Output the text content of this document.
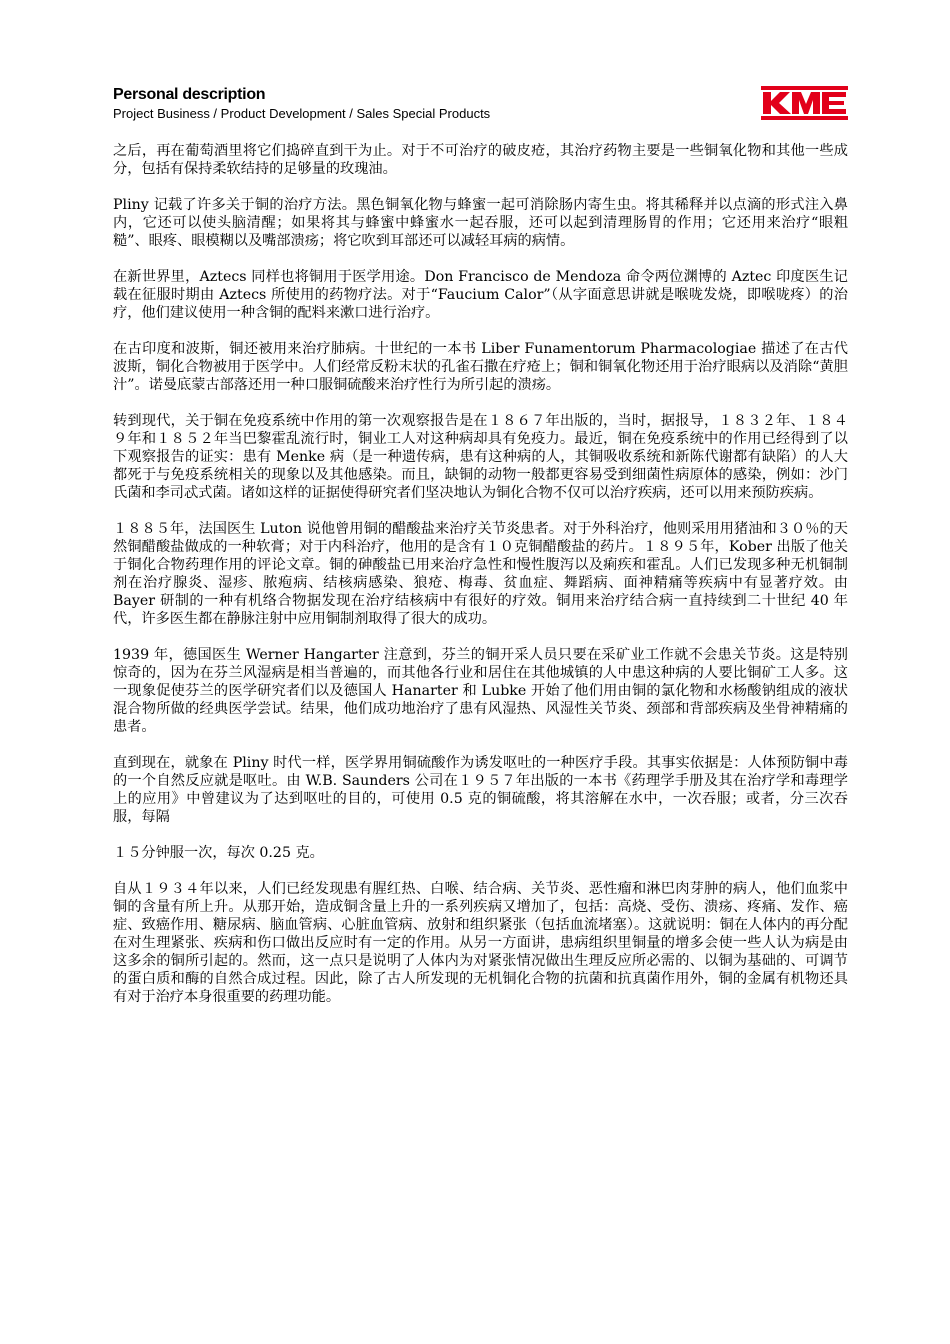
Personal description
Project Business / Product Development / Sales Special Products

之后，再在葡萄酒里将它们捣碎直到干为止。对于不可治疗的破皮疮，其治疗药物主要是一些铜氧化物和其他一些成分，包括有保持柔软结持的足够量的玫瑰油。

Pliny 记载了许多关于铜的治疗方法。黑色铜氧化物与蜂蜜一起可消除肠内寄生虫。将其稀释并以点滴的形式注入鼻内，它还可以使头脑清醒；如果将其与蜂蜜中蜂蜜水一起吞服，还可以起到清理肠胃的作用；它还用来治疗“眼粗糙”、眼疼、眼模糊以及嘴部溃疡；将它吹到耳部还可以减轻耳病的病情。

在新世界里，Aztecs 同样也将铜用于医学用途。Don Francisco de Mendoza 命令两位渊博的 Aztec 印度医生记载在征服时期由 Aztecs 所使用的药物疗法。对于“Faucium Calor”（从字面意思讲就是喉咙发烧，即喉咙疼）的治疗，他们建议使用一种含铜的配料来漱口进行治疗。

在古印度和波斯，铜还被用来治疗肺病。十世纪的一本书 Liber Funamentorum Pharmacologiae 描述了在古代波斯，铜化合物被用于医学中。人们经常反粉末状的孔雀石撒在疗疮上；铜和铜氧化物还用于治疗眼病以及消除“黄胆汁”。诺曼底蒙古部落还用一种口服铜硫酸来治疗性行为所引起的溃疡。

转到现代，关于铜在免疫系统中作用的第一次观察报告是在１８６７年出版的，当时，据报导，１８３２年、１８４９年和１８５２年当巴黎霍乱流行时，铜业工人对这种病却具有免疫力。最近，铜在免疫系统中的作用已经得到了以下观察报告的证实：患有 Menke 病（是一种遗传病，患有这种病的人，其铜吸收系统和新陈代谢都有缺陷）的人大都死于与免疫系统相关的现象以及其他感染。而且，缺铜的动物一般都更容易受到细菌性病原体的感染，例如：沙门氏菌和李司忒式菌。诸如这样的证据使得研究者们坚决地认为铜化合物不仅可以治疗疾病，还可以用来预防疾病。

１８８５年，法国医生 Luton 说他曾用铜的醋酸盐来治疗关节炎患者。对于外科治疗，他则采用用猪油和３０％的天然铜醋酸盐做成的一种软膏；对于内科治疗，他用的是含有１０克铜醋酸盐的药片。１８９５年，Kober 出版了他关于铜化合物药理作用的评论文章。铜的砷酸盐已用来治疗急性和慢性腹泻以及痢疾和霍乱。人们已发现多种无机铜制剂在治疗腺炎、湿疹、脓疱病、结核病感染、狼疮、梅毒、贫血症、舞蹈病、面神精痛等疾病中有显著疗效。由 Bayer 研制的一种有机络合物据发现在治疗结核病中有很好的疗效。铜用来治疗结合病一直持续到二十世纪 40 年代，许多医生都在静脉注射中应用铜制剂取得了很大的成功。

1939 年，德国医生 Werner Hangarter 注意到，芬兰的铜开采人员只要在采矿业工作就不会患关节炎。这是特别惊奇的，因为在芬兰风湿病是相当普遍的，而其他各行业和居住在其他城镇的人中患这种病的人要比铜矿工人多。这一现象促使芬兰的医学研究者们以及德国人 Hanarter 和 Lubke 开始了他们用由铜的氯化物和水杨酸钠组成的液状混合物所做的经典医学尝试。结果，他们成功地治疗了患有风湿热、风湿性关节炎、颈部和背部疾病及坐骨神精痛的患者。

直到现在，就象在 Pliny 时代一样，医学界用铜硫酸作为诱发呕吐的一种医疗手段。其事实依据是：人体预防铜中毒的一个自然反应就是呕吐。由 W.B. Saunders 公司在１９５７年出版的一本书《药理学手册及其在治疗学和毒理学上的应用》中曾建议为了达到呕吐的目的，可使用 0.5 克的铜硫酸，将其溶解在水中，一次吞服；或者，分三次吞服，每隔

１５分钟服一次，每次 0.25 克。

自从１９３４年以来，人们已经发现患有腥红热、白喉、结合病、关节炎、恶性瘤和淋巴肉芽肿的病人，他们血浆中铜的含量有所上升。从那开始，造成铜含量上升的一系列疾病又增加了，包括：高烧、受伤、溃疡、疼痛、发作、癌症、致癌作用、糖尿病、脑血管病、心脏血管病、放射和组织紧张（包括血流堵塞）。这就说明：铜在人体内的再分配在对生理紧张、疾病和伤口做出反应时有一定的作用。从另一方面讲，患病组织里铜量的增多会使一些人认为病是由这多余的铜所引起的。然而，这一点只是说明了人体内为对紧张情况做出生理反应所必需的、以铜为基础的、可调节的蛋白质和酶的自然合成过程。因此，除了古人所发现的无机铜化合物的抗菌和抗真菌作用外，铜的金属有机物还具有对于治疗本身很重要的药理功能。
